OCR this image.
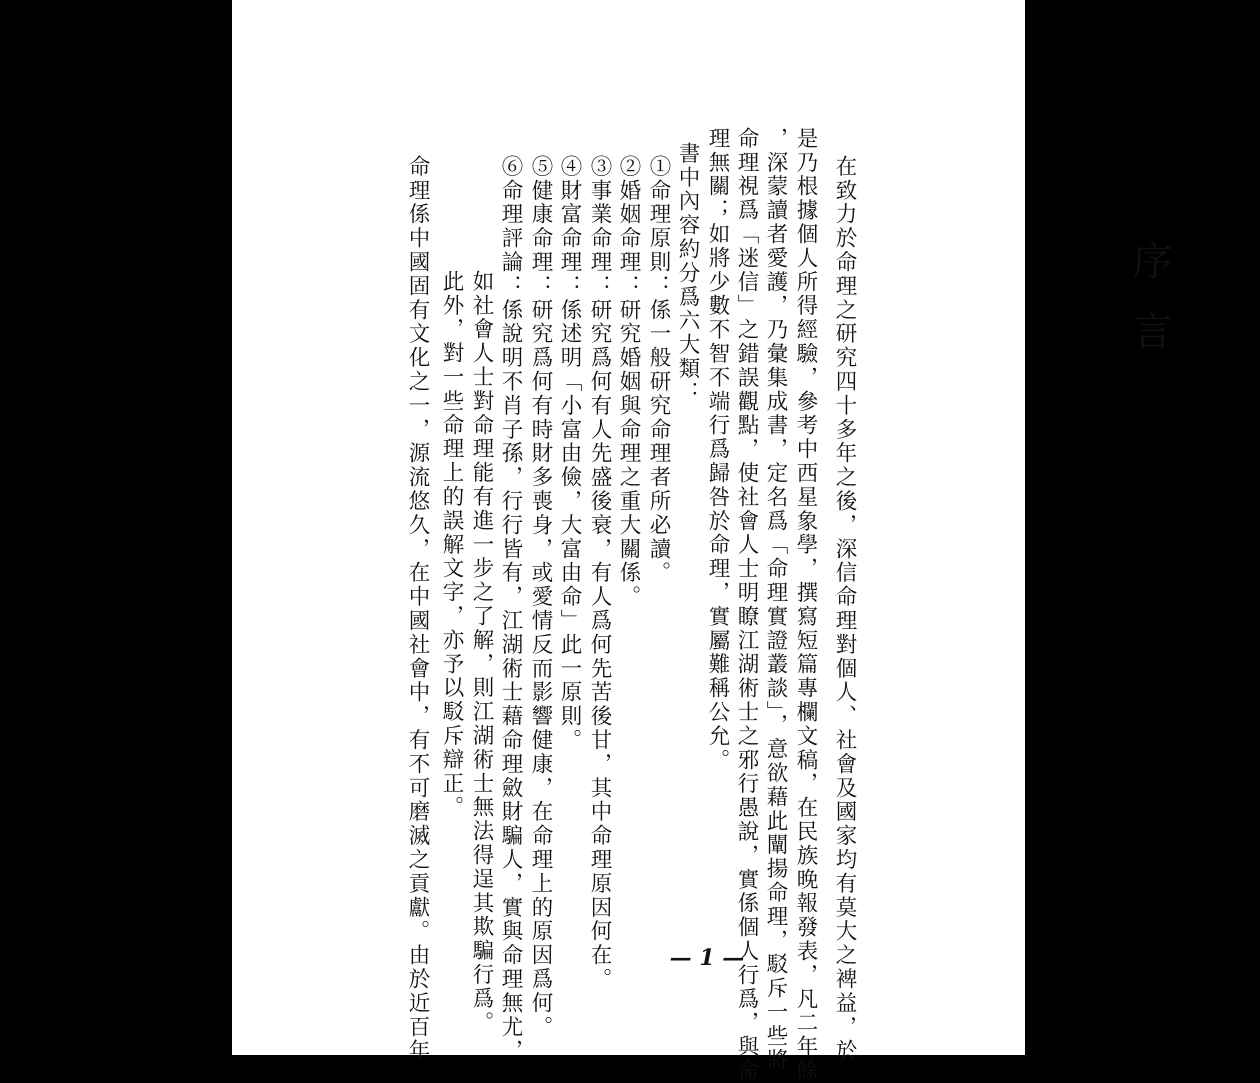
序言

在致力於命理之研究四十多年之後，深信命理對個人、社會及國家均有莫大之裨益，於

是乃根據個人所得經驗，參考中西星象學，撰寫短篇專欄文稿，在民族晚報發表，凡二年餘

，深蒙讀者愛護，乃彙集成書，定名爲「命理實證叢談」，意欲藉此闡揚命理，駁斥一些將

命理視爲「迷信」之錯誤觀點，使社會人士明瞭江湖術士之邪行愚說，實係個人行爲，與命

理無關；如將少數不智不端行爲歸咎於命理，實屬難稱公允。

書中內容約分爲六大類：

①命理原則：係一般研究命理者所必讀。

②婚姻命理：研究婚姻與命理之重大關係。

③事業命理：研究爲何有人先盛後衰，有人爲何先苦後甘，其中命理原因何在。

④財富命理：係述明「小富由儉，大富由命」此一原則。

⑤健康命理：研究爲何有時財多喪身，或愛情反而影響健康，在命理上的原因爲何。

⑥命理評論：係說明不肖子孫，行行皆有，江湖術士藉命理斂財騙人，實與命理無尤，

如社會人士對命理能有進一步之了解，則江湖術士無法得逞其欺騙行爲。

此外，對一些命理上的誤解文字，亦予以駁斥辯正。

命理係中國固有文化之一，源流悠久，在中國社會中，有不可磨滅之貢獻。由於近百年	— 1 —
